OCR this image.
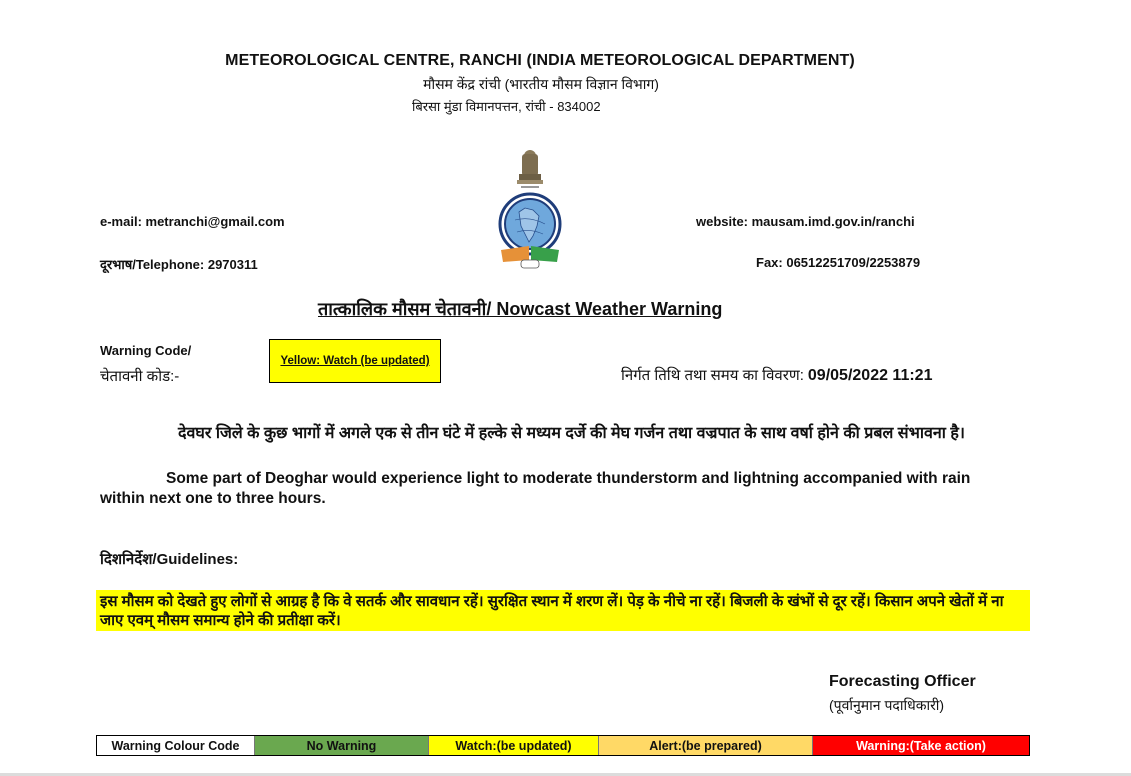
METEOROLOGICAL CENTRE, RANCHI (INDIA METEOROLOGICAL DEPARTMENT)
मौसम केंद्र रांची (भारतीय मौसम विज्ञान विभाग)
बिरसा मुंडा विमानपत्तन, रांची - 834002
e-mail: metranchi@gmail.com
दूरभाष/Telephone: 2970311
website: mausam.imd.gov.in/ranchi
Fax: 06512251709/2253879
तात्कालिक मौसम चेतावनी/ Nowcast Weather Warning
Warning Code/
चेतावनी कोड:-
Yellow: Watch (be updated)
निर्गत तिथि तथा समय का विवरण: 09/05/2022 11:21
देवघर जिले के कुछ भागों में अगले एक से तीन घंटे में हल्के से मध्यम दर्जे की मेघ गर्जन तथा वज्रपात के साथ वर्षा होने की प्रबल संभावना है।
Some part of Deoghar would experience light to moderate thunderstorm and lightning accompanied with rain within next one to three hours.
दिशनिर्देश/Guidelines:
इस मौसम को देखते हुए लोगों से आग्रह है कि वे सतर्क और सावधान रहें। सुरक्षित स्थान में शरण लें। पेड़ के नीचे ना रहें। बिजली के खंभों से दूर रहें। किसान अपने खेतों में ना जाए एवम् मौसम समान्य होने की प्रतीक्षा करें।
Forecasting Officer
(पूर्वानुमान पदाधिकारी)
Warning Colour Code	No Warning	Watch:(be updated)	Alert:(be prepared)	Warning:(Take action)
